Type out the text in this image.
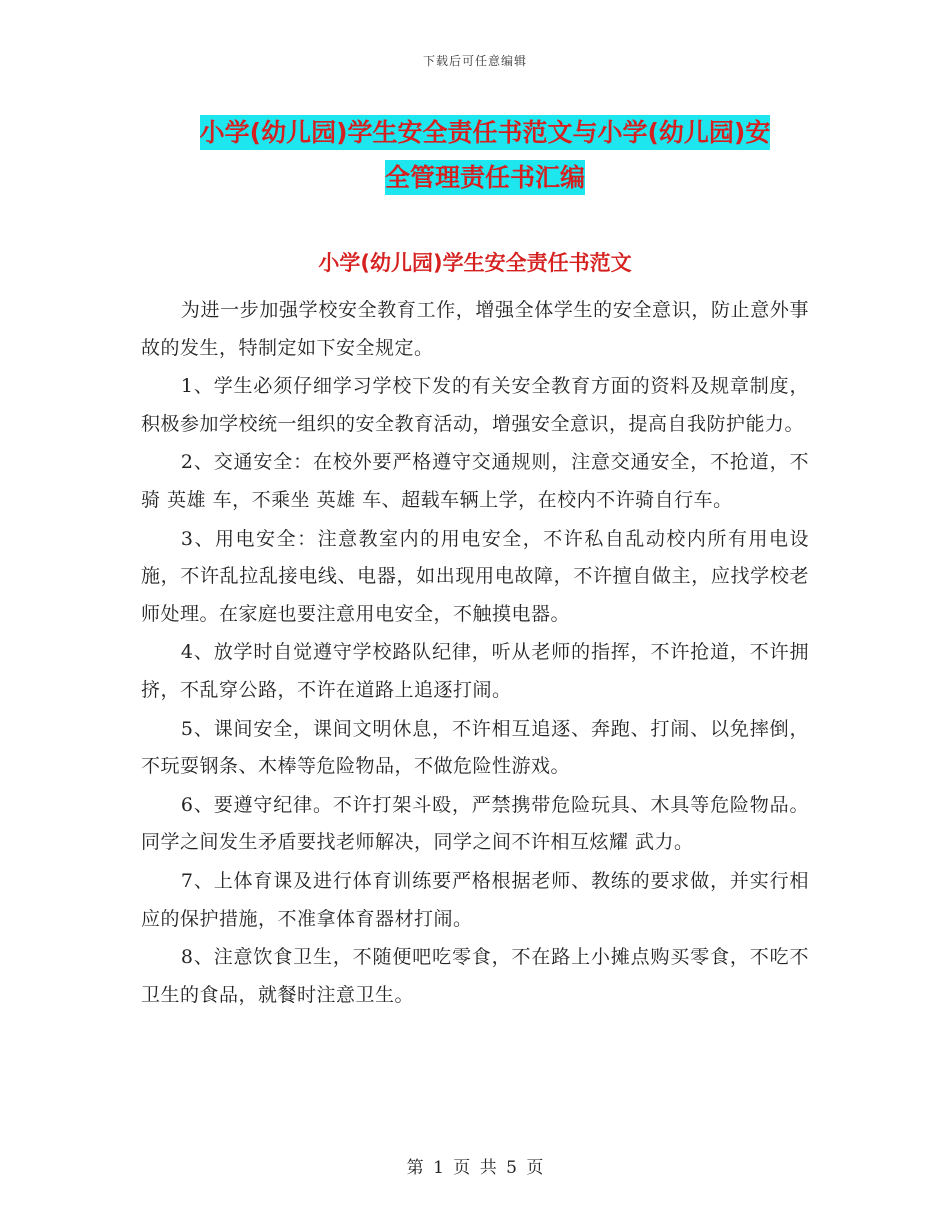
下载后可任意编辑
小学(幼儿园)学生安全责任书范文与小学(幼儿园)安
全管理责任书汇编
小学(幼儿园)学生安全责任书范文

为进一步加强学校安全教育工作，增强全体学生的安全意识，防止意外事故的发生，特制定如下安全规定。

1、学生必须仔细学习学校下发的有关安全教育方面的资料及规章制度，积极参加学校统一组织的安全教育活动，增强安全意识，提高自我防护能力。

2、交通安全：在校外要严格遵守交通规则，注意交通安全，不抢道，不骑 英雄 车，不乘坐 英雄 车、超载车辆上学，在校内不许骑自行车。

3、用电安全：注意教室内的用电安全，不许私自乱动校内所有用电设施，不许乱拉乱接电线、电器，如出现用电故障，不许擅自做主，应找学校老师处理。在家庭也要注意用电安全，不触摸电器。

4、放学时自觉遵守学校路队纪律，听从老师的指挥，不许抢道，不许拥挤，不乱穿公路，不许在道路上追逐打闹。

5、课间安全，课间文明休息，不许相互追逐、奔跑、打闹、以免摔倒，不玩耍钢条、木棒等危险物品，不做危险性游戏。

6、要遵守纪律。不许打架斗殴，严禁携带危险玩具、木具等危险物品。同学之间发生矛盾要找老师解决，同学之间不许相互炫耀 武力。

7、上体育课及进行体育训练要严格根据老师、教练的要求做，并实行相应的保护措施，不准拿体育器材打闹。

8、注意饮食卫生，不随便吧吃零食，不在路上小摊点购买零食，不吃不卫生的食品，就餐时注意卫生。

第 1 页 共 5 页
